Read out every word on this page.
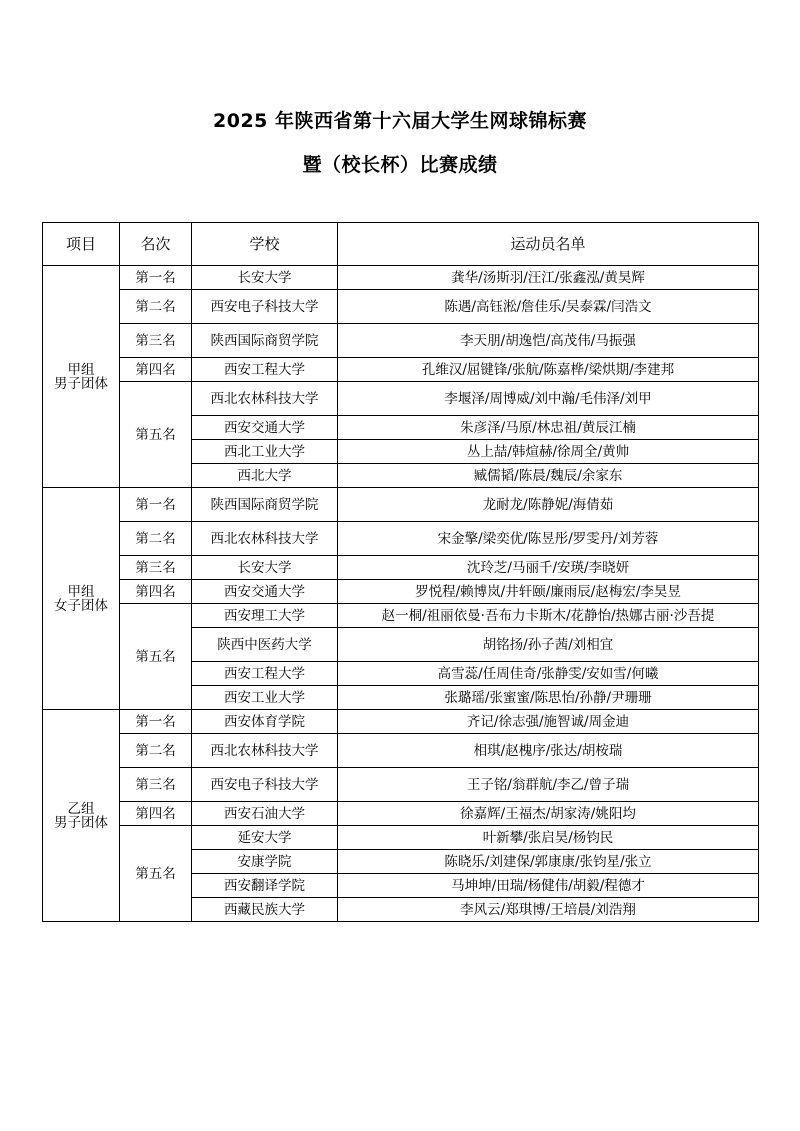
2025 年陕西省第十六届大学生网球锦标赛
暨（校长杯）比赛成绩
项目	名次	学校	运动员名单

甲组
男子团体	第一名	长安大学	龚华/汤斯羽/汪江/张鑫泓/黄昊辉
	第二名	西安电子科技大学	陈遇/高钰淞/詹佳乐/吴泰霖/闫浩文
	第三名	陕西国际商贸学院	李天朋/胡逸恺/高茂伟/马振强
	第四名	西安工程大学	孔维汉/屈键锋/张航/陈嘉桦/梁烘期/李建邦
	第五名	西北农林科技大学	李堰泽/周博威/刘中瀚/毛伟泽/刘甲
		西安交通大学	朱彦泽/马原/林忠祖/黄辰江楠
		西北工业大学	丛上喆/韩煊赫/徐周全/黄帅
		西北大学	臧儒韬/陈晨/魏辰/余家东

甲组
女子团体	第一名	陕西国际商贸学院	龙耐龙/陈静妮/海倩茹
	第二名	西北农林科技大学	宋金擎/梁奕优/陈昱彤/罗雯丹/刘芳蓉
	第三名	长安大学	沈玲芝/马丽千/安瑛/李晓妍
	第四名	西安交通大学	罗悦程/赖博岚/井轩颐/廉雨辰/赵梅宏/李昊昱
	第五名	西安理工大学	赵一桐/祖丽依曼·吾布力卡斯木/花静怡/热娜古丽·沙吾提
		陕西中医药大学	胡铭扬/孙子茜/刘相宜
		西安工程大学	高雪蕊/任周佳奇/张静雯/安如雪/何曦
		西安工业大学	张璐瑶/张蜜蜜/陈思怡/孙静/尹珊珊

乙组
男子团体	第一名	西安体育学院	齐记/徐志强/施智诚/周金迪
	第二名	西北农林科技大学	相琪/赵槐序/张达/胡桉瑞
	第三名	西安电子科技大学	王子铭/翁群航/李乙/曾子瑞
	第四名	西安石油大学	徐嘉辉/王福杰/胡家涛/姚阳均
	第五名	延安大学	叶新攀/张启昊/杨钧民
		安康学院	陈晓乐/刘建保/郭康康/张钧星/张立
		西安翻译学院	马坤坤/田瑞/杨健伟/胡毅/程德才
		西藏民族大学	李风云/郑琪博/王培晨/刘浩翔
